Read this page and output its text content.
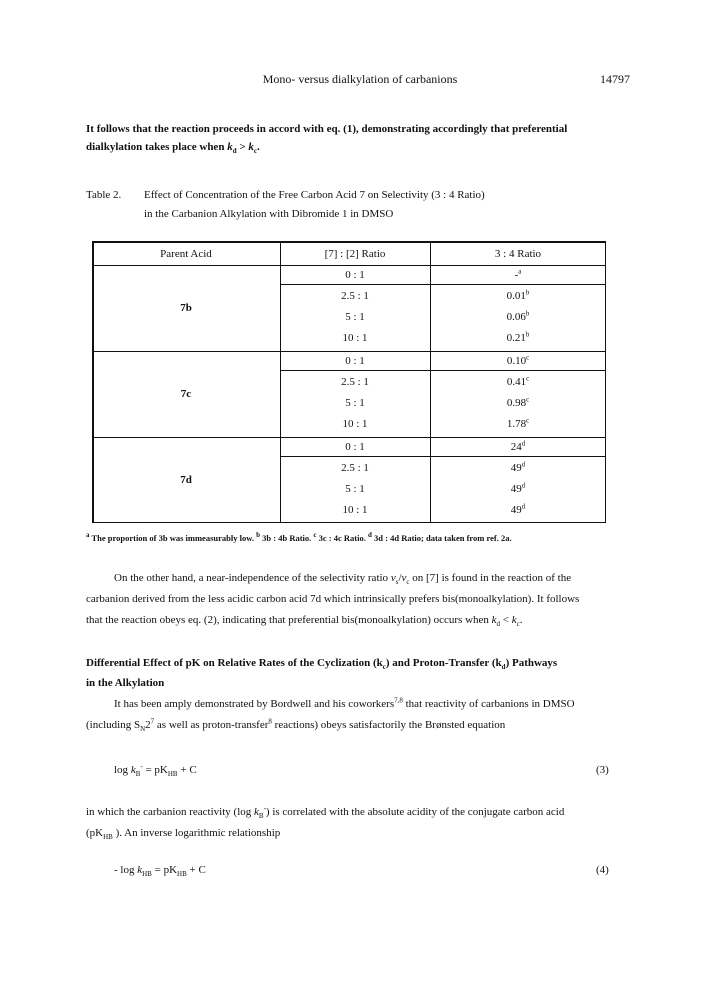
Mono- versus dialkylation of carbanions	14797
It follows that the reaction proceeds in accord with eq. (1), demonstrating accordingly that preferential
dialkylation takes place when $k_d > k_c$.
Table 2. Effect of Concentration of the Free Carbon Acid 7 on Selectivity (3 : 4 Ratio)
in the Carbanion Alkylation with Dibromide 1 in DMSO
Parent Acid	[7] : [2] Ratio	3 : 4 Ratio
7b
0 : 1	-$^a$
2.5 : 1	0.01$^b$
5 : 1	0.06$^b$
10 : 1	0.21$^b$
7c
0 : 1	0.10$^c$
2.5 : 1	0.41$^c$
5 : 1	0.98$^c$
10 : 1	1.78$^c$
7d
0 : 1	24$^d$
2.5 : 1	49$^d$
5 : 1	49$^d$
10 : 1	49$^d$
$^a$ The proportion of 3b was immeasurably low. $^b$ 3b : 4b Ratio. $^c$ 3c : 4c Ratio. $^d$ 3d : 4d Ratio; data taken from ref. 2a.
On the other hand, a near-independence of the selectivity ratio $v_s/v_c$ on [7] is found in the reaction of the
carbanion derived from the less acidic carbon acid 7d which intrinsically prefers bis(monoalkylation). It follows
that the reaction obeys eq. (2), indicating that preferential bis(monoalkylation) occurs when $k_d < k_c$.
Differential Effect of pK on Relative Rates of the Cyclization $(k_c)$ and Proton-Transfer $(k_d)$ Pathways
in the Alkylation
It has been amply demonstrated by Bordwell and his coworkers$^{7,8}$ that reactivity of carbanions in DMSO
(including $S_N2^7$ as well as proton-transfer$^8$ reactions) obeys satisfactorily the Brønsted equation
$\log k_B^- = pK_{HB} + C$	(3)
in which the carbanion reactivity (log $k_B^-$) is correlated with the absolute acidity of the conjugate carbon acid
($pK_{HB}$ ). An inverse logarithmic relationship
- $\log k_{HB} = pK_{HB} + C$	(4)
